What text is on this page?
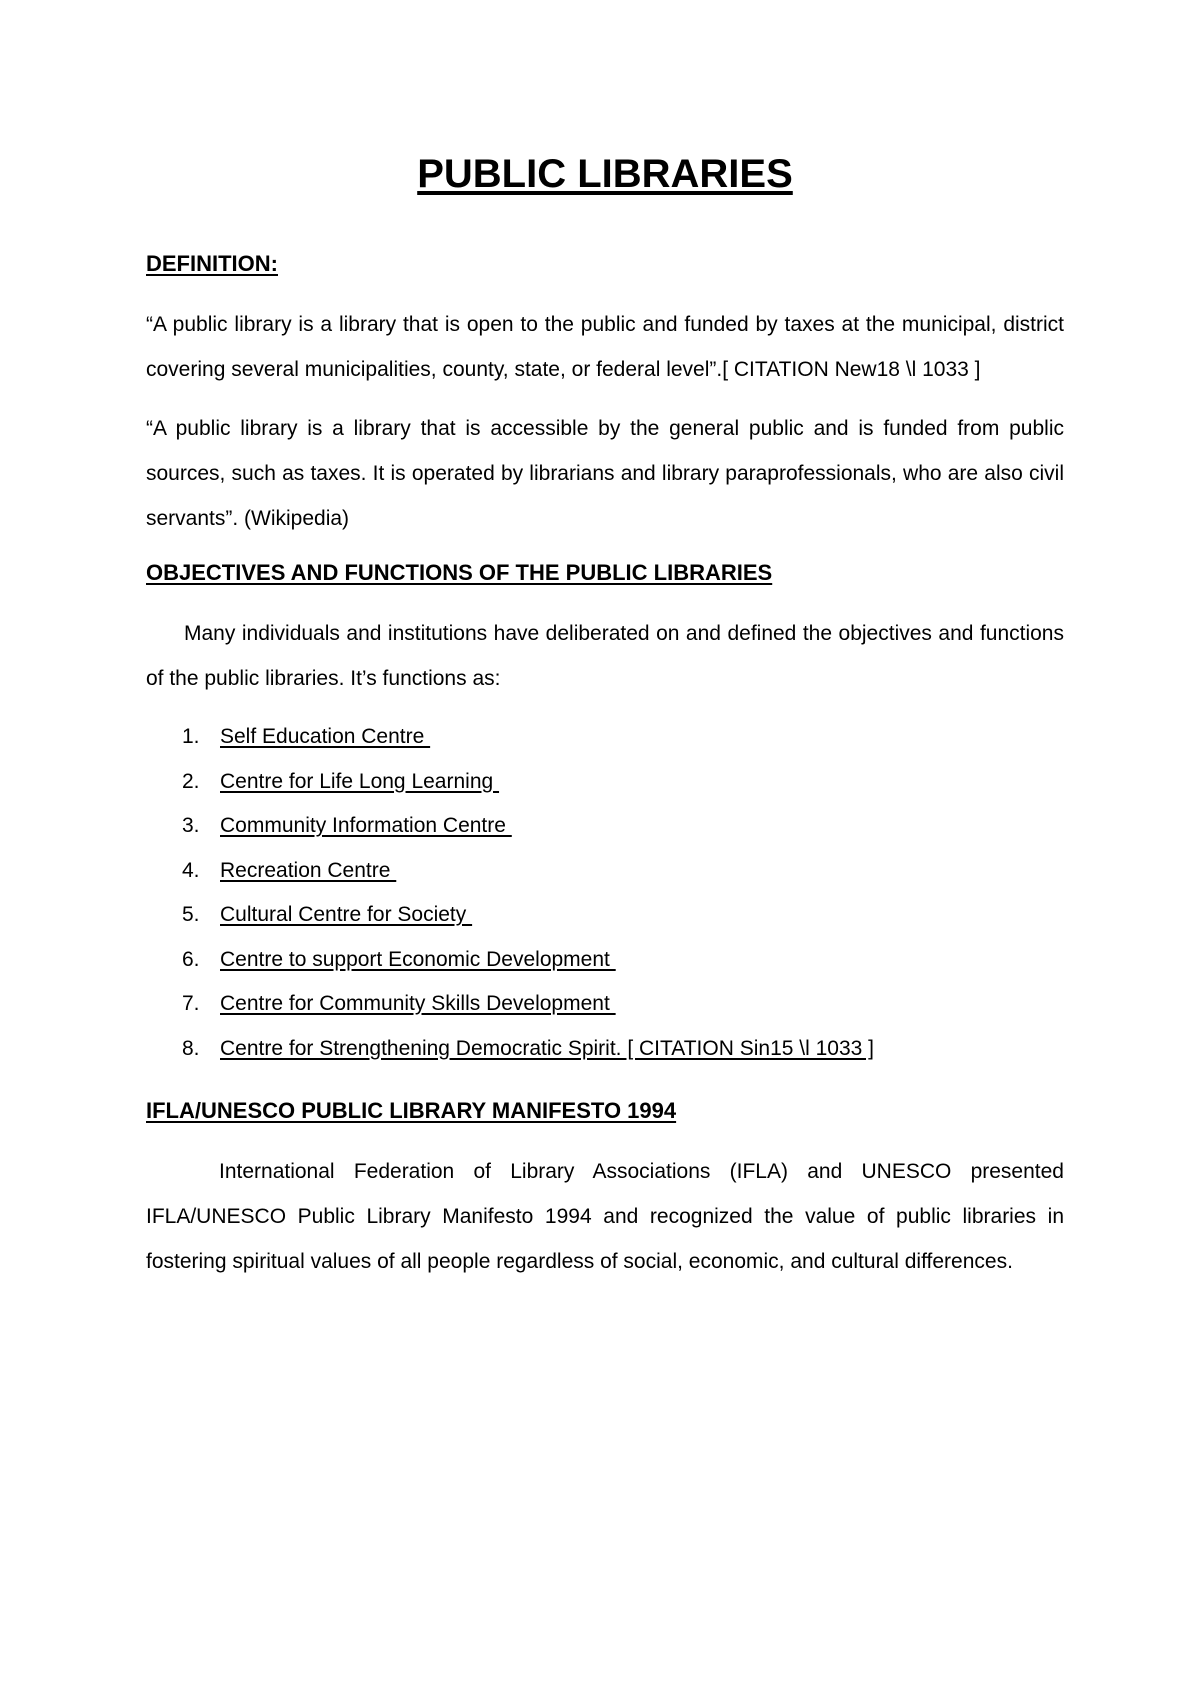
PUBLIC LIBRARIES
DEFINITION:

“A public library is a library that is open to the public and funded by taxes at the municipal, district covering several municipalities, county, state, or federal level”.[ CITATION New18 \l 1033 ]

“A public library is a library that is accessible by the general public and is funded from public sources, such as taxes. It is operated by librarians and library paraprofessionals, who are also civil servants”. (Wikipedia)

OBJECTIVES AND FUNCTIONS OF THE PUBLIC LIBRARIES

Many individuals and institutions have deliberated on and defined the objectives and functions of the public libraries. It’s functions as:

1. Self Education Centre
2. Centre for Life Long Learning
3. Community Information Centre
4. Recreation Centre
5. Cultural Centre for Society
6. Centre to support Economic Development
7. Centre for Community Skills Development
8. Centre for Strengthening Democratic Spirit. [ CITATION Sin15 \l 1033 ]
IFLA/UNESCO PUBLIC LIBRARY MANIFESTO 1994

International Federation of Library Associations (IFLA) and UNESCO presented IFLA/UNESCO Public Library Manifesto 1994 and recognized the value of public libraries in fostering spiritual values of all people regardless of social, economic, and cultural differences.
